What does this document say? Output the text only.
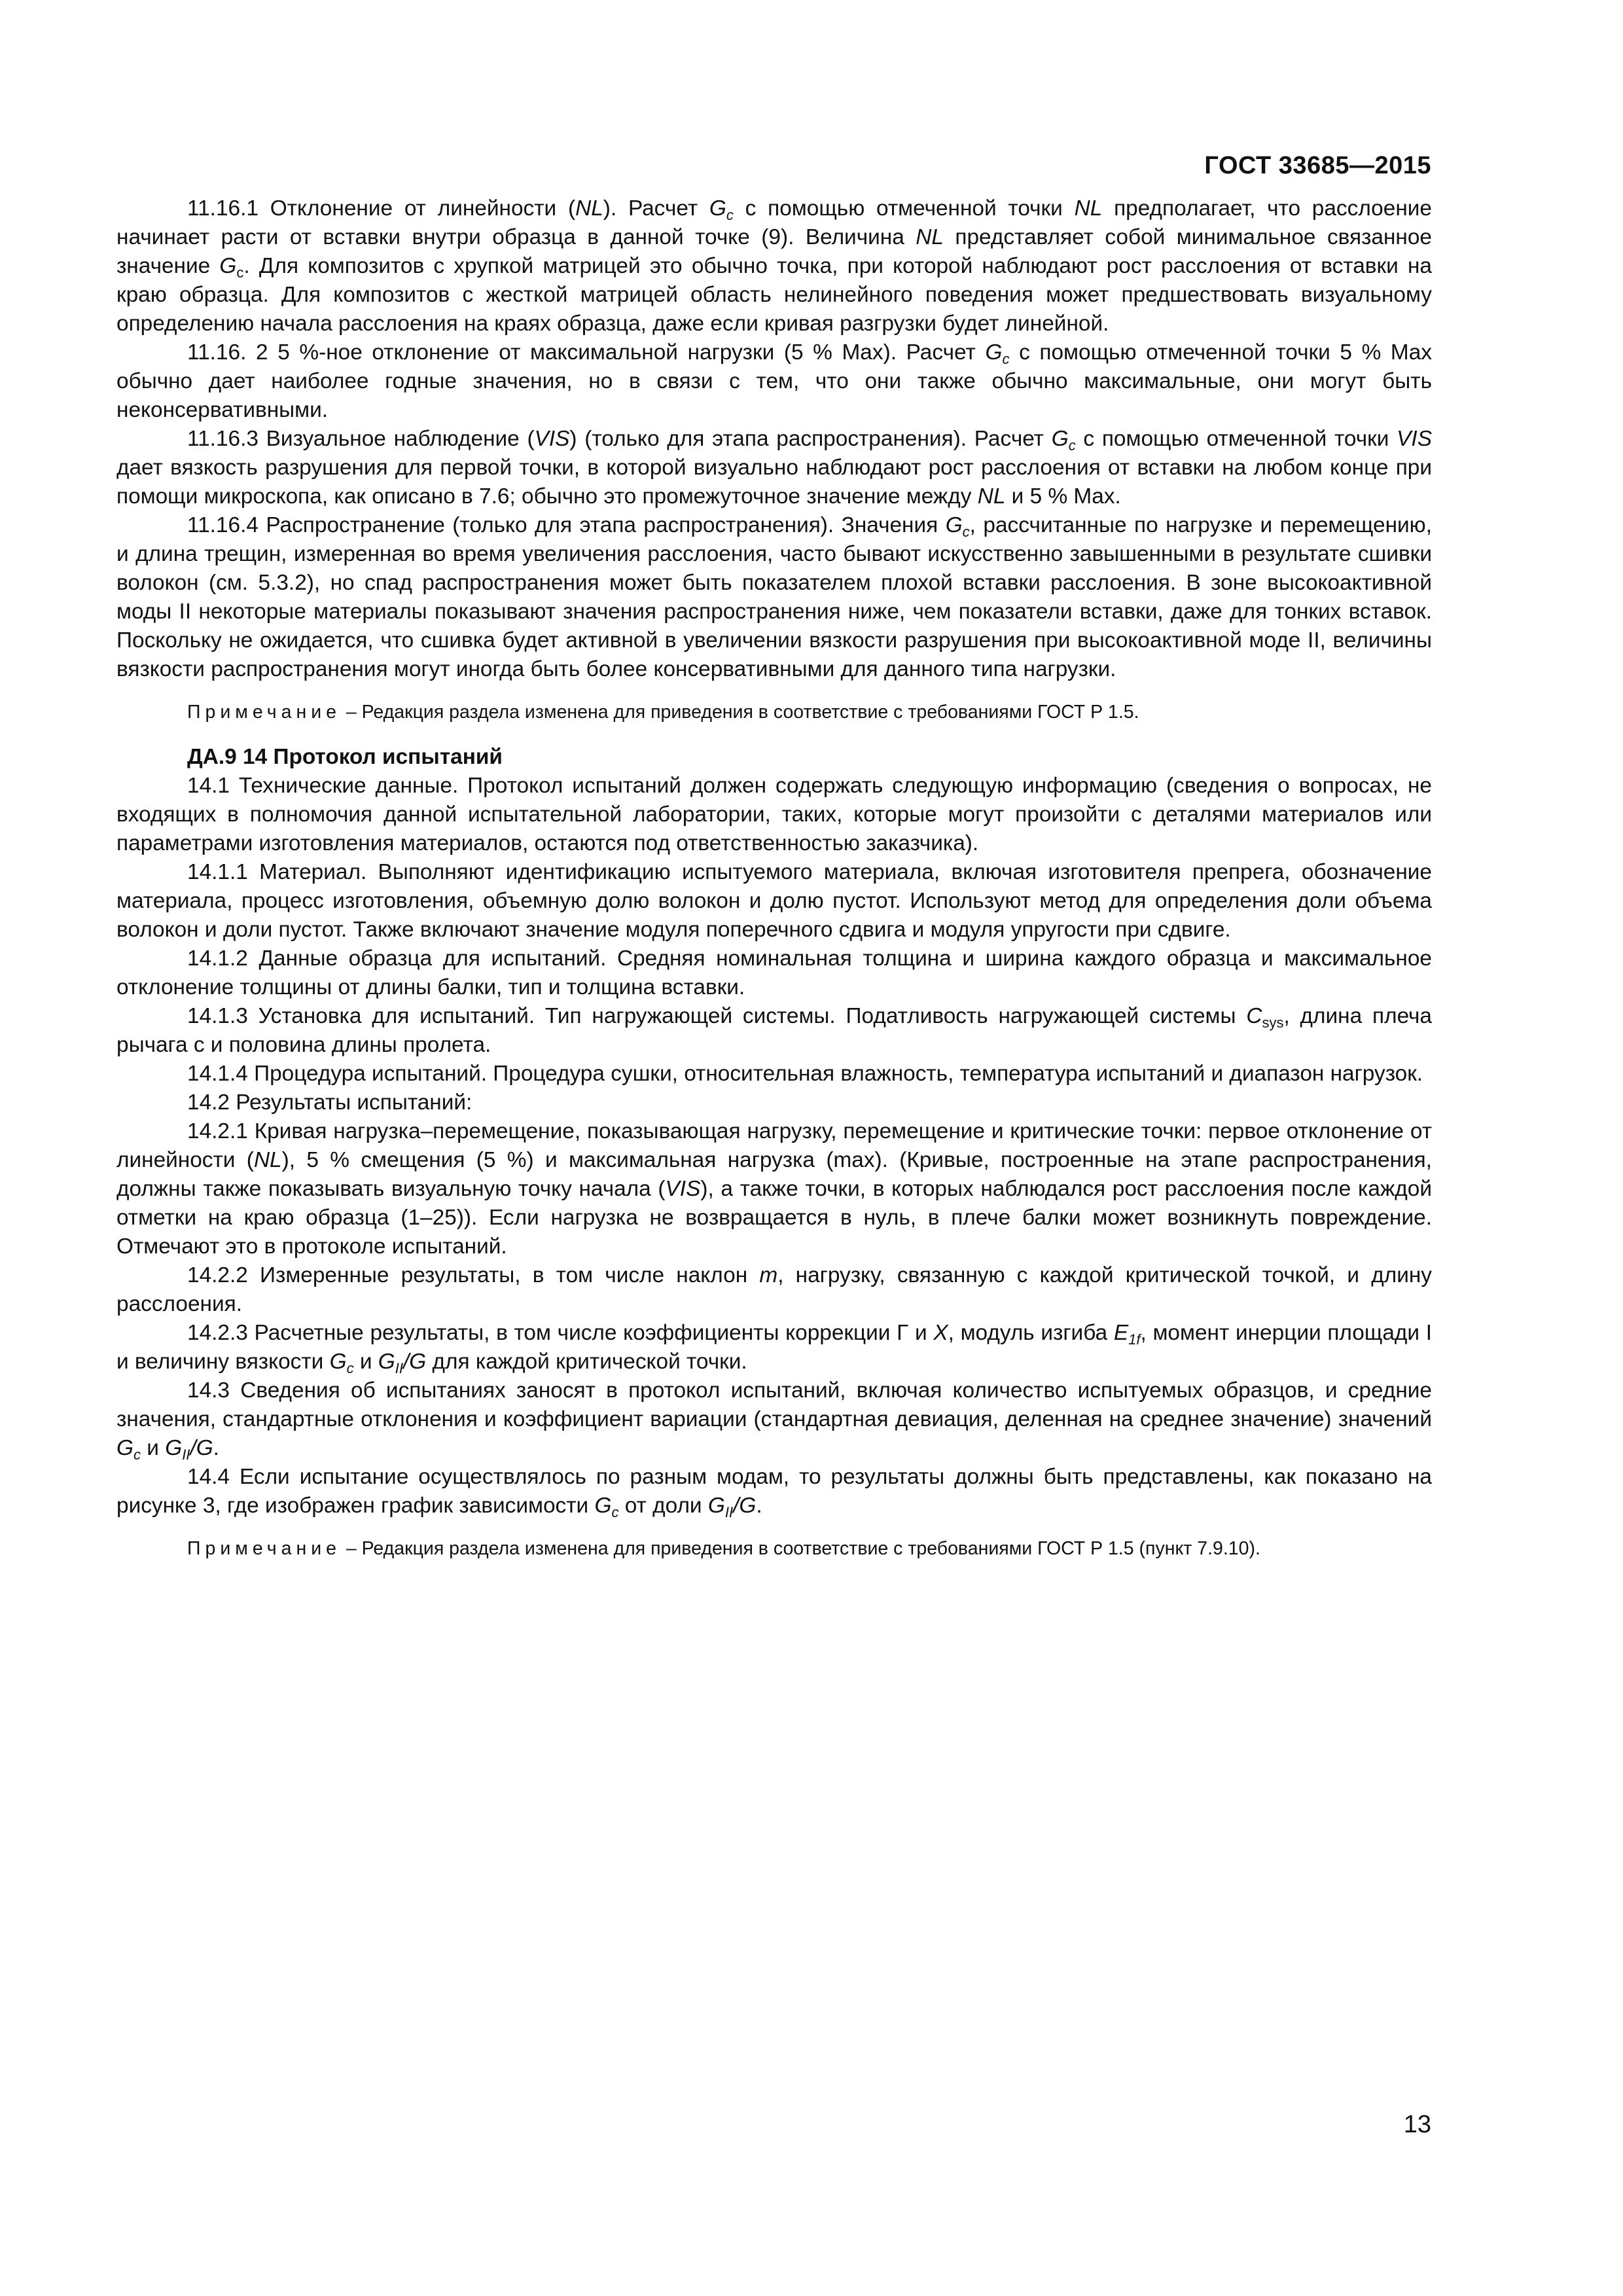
ГОСТ 33685—2015

11.16.1 Отклонение от линейности (NL). Расчет $G_c$ с помощью отмеченной точки NL предполагает, что расслоение начинает расти от вставки внутри образца в данной точке (9). Величина NL представляет собой минимальное связанное значение $G_c$. Для композитов с хрупкой матрицей это обычно точка, при которой наблюдают рост расслоения от вставки на краю образца. Для композитов с жесткой матрицей область нелинейного поведения может предшествовать визуальному определению начала расслоения на краях образца, даже если кривая разгрузки будет линейной.

11.16. 2 5 %-ное отклонение от максимальной нагрузки (5 % Max). Расчет $G_c$ с помощью отмеченной точки 5 % Max обычно дает наиболее годные значения, но в связи с тем, что они также обычно максимальные, они могут быть неконсервативными.

11.16.3 Визуальное наблюдение (VIS) (только для этапа распространения). Расчет $G_c$ с помощью отмеченной точки VIS дает вязкость разрушения для первой точки, в которой визуально наблюдают рост расслоения от вставки на любом конце при помощи микроскопа, как описано в 7.6; обычно это промежуточное значение между NL и 5 % Max.

11.16.4 Распространение (только для этапа распространения). Значения $G_c$, рассчитанные по нагрузке и перемещению, и длина трещин, измеренная во время увеличения расслоения, часто бывают искусственно завышенными в результате сшивки волокон (см. 5.3.2), но спад распространения может быть показателем плохой вставки расслоения. В зоне высокоактивной моды II некоторые материалы показывают значения распространения ниже, чем показатели вставки, даже для тонких вставок. Поскольку не ожидается, что сшивка будет активной в увеличении вязкости разрушения при высокоактивной моде II, величины вязкости распространения могут иногда быть более консервативными для данного типа нагрузки.

Примечание – Редакция раздела изменена для приведения в соответствие с требованиями ГОСТ Р 1.5.

ДА.9 14 Протокол испытаний

14.1 Технические данные. Протокол испытаний должен содержать следующую информацию (сведения о вопросах, не входящих в полномочия данной испытательной лаборатории, таких, которые могут произойти с деталями материалов или параметрами изготовления материалов, остаются под ответственностью заказчика).

14.1.1 Материал. Выполняют идентификацию испытуемого материала, включая изготовителя препрега, обозначение материала, процесс изготовления, объемную долю волокон и долю пустот. Используют метод для определения доли объема волокон и доли пустот. Также включают значение модуля поперечного сдвига и модуля упругости при сдвиге.

14.1.2 Данные образца для испытаний. Средняя номинальная толщина и ширина каждого образца и максимальное отклонение толщины от длины балки, тип и толщина вставки.

14.1.3 Установка для испытаний. Тип нагружающей системы. Податливость нагружающей системы $C_{sys}$, длина плеча рычага с и половина длины пролета.

14.1.4 Процедура испытаний. Процедура сушки, относительная влажность, температура испытаний и диапазон нагрузок.

14.2 Результаты испытаний:

14.2.1 Кривая нагрузка–перемещение, показывающая нагрузку, перемещение и критические точки: первое отклонение от линейности (NL), 5 % смещения (5 %) и максимальная нагрузка (max). (Кривые, построенные на этапе распространения, должны также показывать визуальную точку начала (VIS), а также точки, в которых наблюдался рост расслоения после каждой отметки на краю образца (1–25)). Если нагрузка не возвращается в нуль, в плече балки может возникнуть повреждение. Отмечают это в протоколе испытаний.

14.2.2 Измеренные результаты, в том числе наклон m, нагрузку, связанную с каждой критической точкой, и длину расслоения.

14.2.3 Расчетные результаты, в том числе коэффициенты коррекции Г и X, модуль изгиба $E_{1f}$, момент инерции площади I и величину вязкости $G_c$ и $G_{II}/G$ для каждой критической точки.

14.3 Сведения об испытаниях заносят в протокол испытаний, включая количество испытуемых образцов, и средние значения, стандартные отклонения и коэффициент вариации (стандартная девиация, деленная на среднее значение) значений $G_c$ и $G_{II}/G$.

14.4 Если испытание осуществлялось по разным модам, то результаты должны быть представлены, как показано на рисунке 3, где изображен график зависимости $G_c$ от доли $G_{II}/G$.

Примечание – Редакция раздела изменена для приведения в соответствие с требованиями ГОСТ Р 1.5 (пункт 7.9.10).

13
